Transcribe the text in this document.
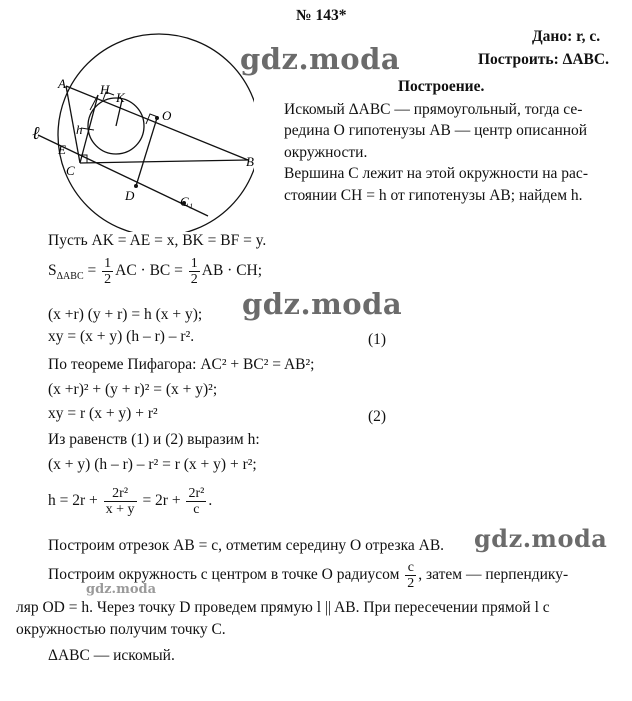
№ 143*
Дано: r, c.
Построить: ΔABC.
gdz.moda
gdz.moda
gdz.moda
gdz.moda
Построение.
A	H
K
O
h
E
C
B
D	C₁
ℓ
Искомый ΔABC — прямоугольный, тогда се-
редина O гипотенузы AB — центр описанной
окружности.
Вершина C лежит на этой окружности на рас-
стоянии CH = h от гипотенузы AB; найдем h.
Пусть AK = AE = x, BK = BF = y.
$S_{\Delta ABC} = \frac{1}{2}$ AC · BC = $\frac{1}{2}$ AB · CH;
(x +r) (y + r) = h (x + y);
xy = (x + y) (h – r) – r².	(1)
По теореме Пифагора: AC² + BC² = AB²;
(x +r)² + (y + r)² = (x + y)²;
xy = r (x + y) + r²	(2)
Из равенств (1) и (2) выразим h:
(x + y) (h – r) – r² = r (x + y) + r²;
$h = 2r + \frac{\text{2r²}}{x + y} = 2r + \frac{\text{2r²}}{c}$ .
Построим отрезок AB = c, отметим середину O отрезка AB.
Построим окружность с центром в точке O радиусом $\frac{c}{2}$ , затем — перпендику-
ляр OD = h. Через точку D проведем прямую l || AB. При пересечении прямой l с
окружностью получим точку C.
ΔABC — искомый.
